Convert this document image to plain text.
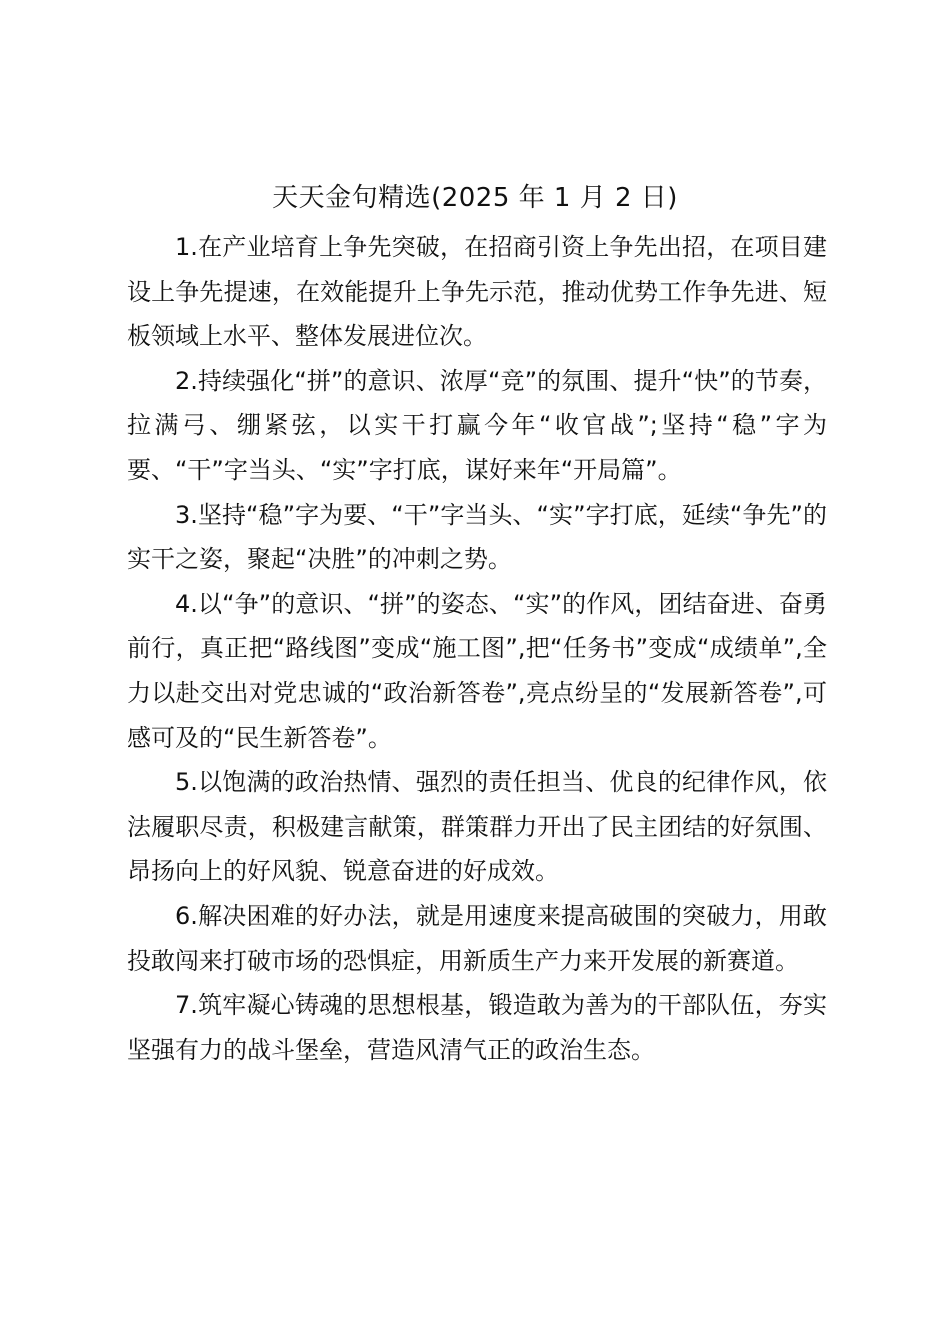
天天金句精选(2025 年 1 月 2 日)

1.在产业培育上争先突破，在招商引资上争先出招，在项目建设上争先提速，在效能提升上争先示范，推动优势工作争先进、短板领域上水平、整体发展进位次。

2.持续强化“拼”的意识、浓厚“竞”的氛围、提升“快”的节奏，拉满弓、绷紧弦，以实干打赢今年“收官战”;坚持“稳”字为要、“干”字当头、“实”字打底，谋好来年“开局篇”。

3.坚持“稳”字为要、“干”字当头、“实”字打底，延续“争先”的实干之姿，聚起“决胜”的冲刺之势。

4.以“争”的意识、“拼”的姿态、“实”的作风，团结奋进、奋勇前行，真正把“路线图”变成“施工图”,把“任务书”变成“成绩单”,全力以赴交出对党忠诚的“政治新答卷”,亮点纷呈的“发展新答卷”,可感可及的“民生新答卷”。

5.以饱满的政治热情、强烈的责任担当、优良的纪律作风，依法履职尽责，积极建言献策，群策群力开出了民主团结的好氛围、昂扬向上的好风貌、锐意奋进的好成效。

6.解决困难的好办法，就是用速度来提高破围的突破力，用敢投敢闯来打破市场的恐惧症，用新质生产力来开发展的新赛道。

7.筑牢凝心铸魂的思想根基，锻造敢为善为的干部队伍，夯实坚强有力的战斗堡垒，营造风清气正的政治生态。
